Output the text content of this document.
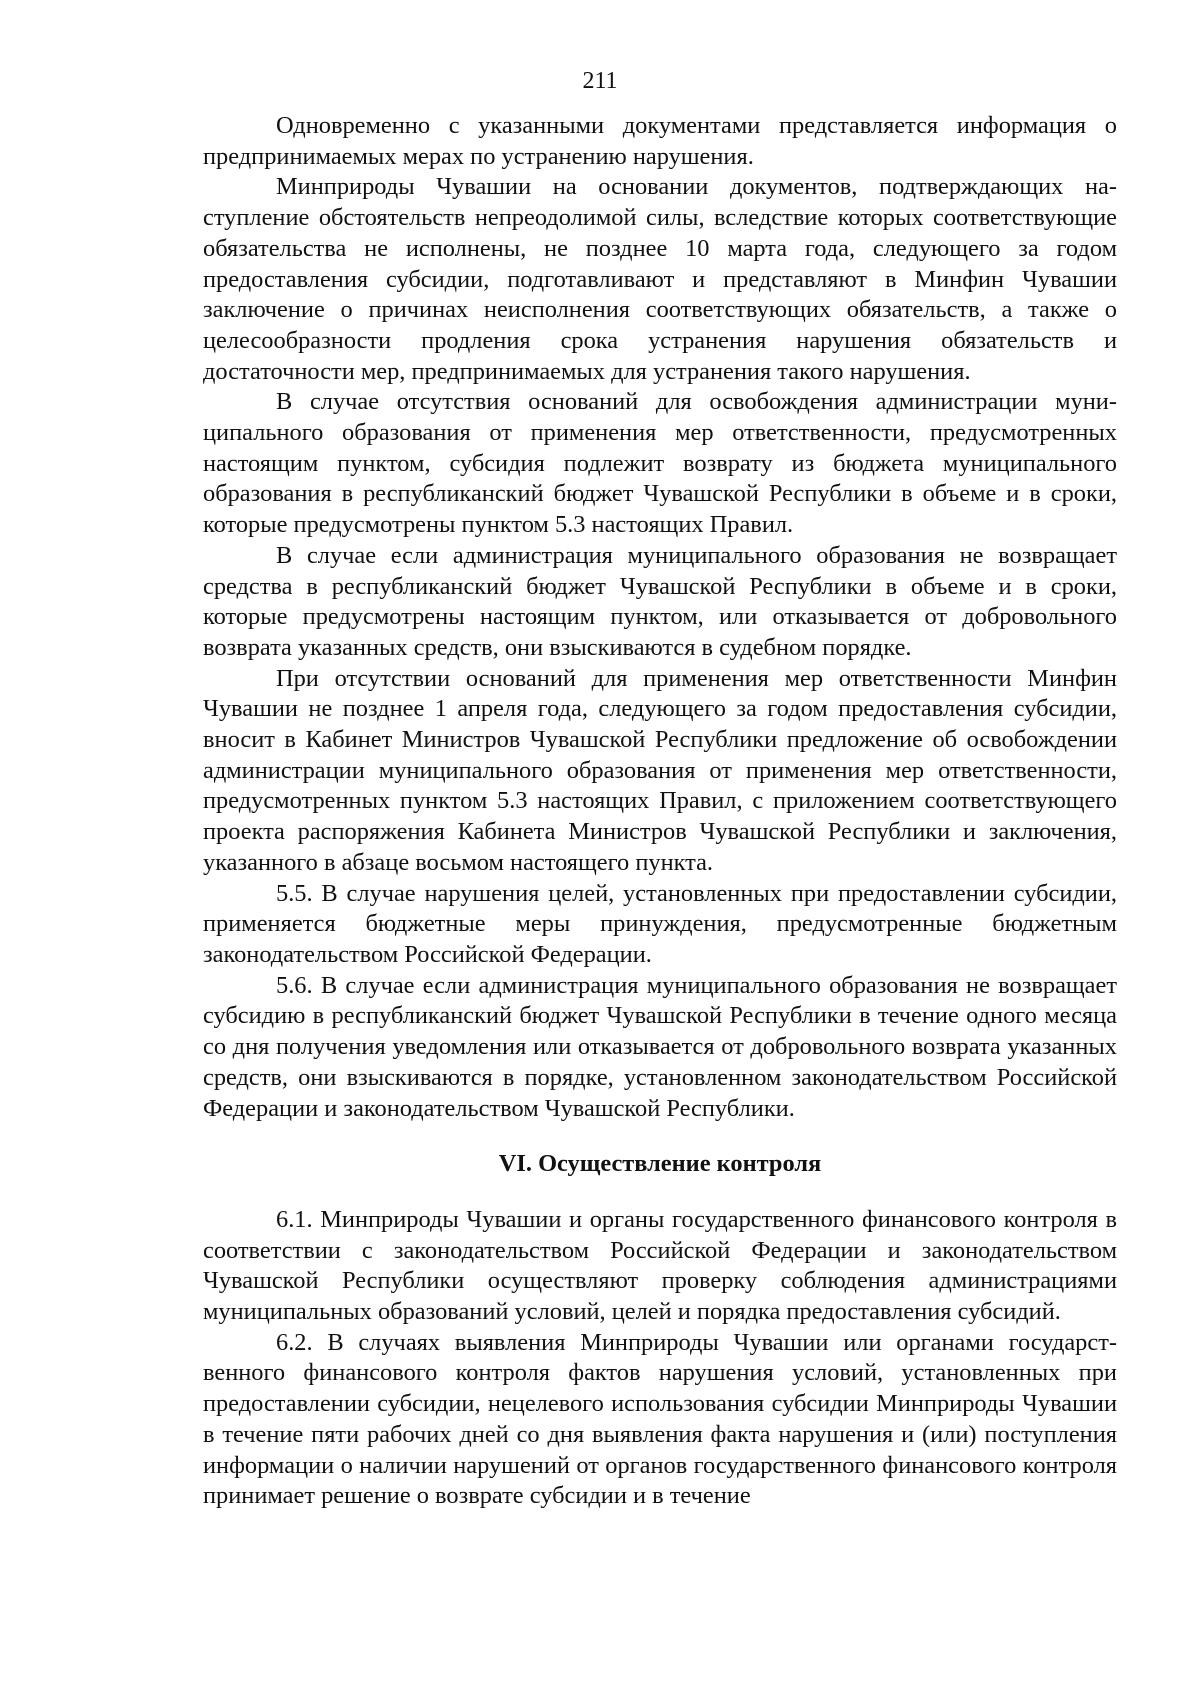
211

Одновременно с указанными документами представляется информация о предпринимаемых мерах по устранению нарушения.

Минприроды Чувашии на основании документов, подтверждающих наступление обстоятельств непреодолимой силы, вследствие которых соответствующие обязательства не исполнены, не позднее 10 марта года, следующего за годом предоставления субсидии, подготавливают и представляют в Минфин Чувашии заключение о причинах неисполнения соответствующих обязательств, а также о целесообразности продления срока устранения нарушения обязательств и достаточности мер, предпринимаемых для устранения такого нарушения.

В случае отсутствия оснований для освобождения администрации муниципального образования от применения мер ответственности, предусмотренных настоящим пунктом, субсидия подлежит возврату из бюджета муниципального образования в республиканский бюджет Чувашской Республики в объеме и в сроки, которые предусмотрены пунктом 5.3 настоящих Правил.

В случае если администрация муниципального образования не возвращает средства в республиканский бюджет Чувашской Республики в объеме и в сроки, которые предусмотрены настоящим пунктом, или отказывается от добровольного возврата указанных средств, они взыскиваются в судебном порядке.

При отсутствии оснований для применения мер ответственности Минфин Чувашии не позднее 1 апреля года, следующего за годом предоставления субсидии, вносит в Кабинет Министров Чувашской Республики предложение об освобождении администрации муниципального образования от применения мер ответственности, предусмотренных пунктом 5.3 настоящих Правил, с приложением соответствующего проекта распоряжения Кабинета Министров Чувашской Республики и заключения, указанного в абзаце восьмом настоящего пункта.

5.5. В случае нарушения целей, установленных при предоставлении субсидии, применяется бюджетные меры принуждения, предусмотренные бюджетным законодательством Российской Федерации.

5.6. В случае если администрация муниципального образования не возвращает субсидию в республиканский бюджет Чувашской Республики в течение одного месяца со дня получения уведомления или отказывается от добровольного возврата указанных средств, они взыскиваются в порядке, установленном законодательством Российской Федерации и законодательством Чувашской Республики.

VI. Осуществление контроля

6.1. Минприроды Чувашии и органы государственного финансового контроля в соответствии с законодательством Российской Федерации и законодательством Чувашской Республики осуществляют проверку соблюдения администрациями муниципальных образований условий, целей и порядка предоставления субсидий.

6.2. В случаях выявления Минприроды Чувашии или органами государственного финансового контроля фактов нарушения условий, установленных при предоставлении субсидии, нецелевого использования субсидии Минприроды Чувашии в течение пяти рабочих дней со дня выявления факта нарушения и (или) поступления информации о наличии нарушений от органов государственного финансового контроля принимает решение о возврате субсидии и в течение
